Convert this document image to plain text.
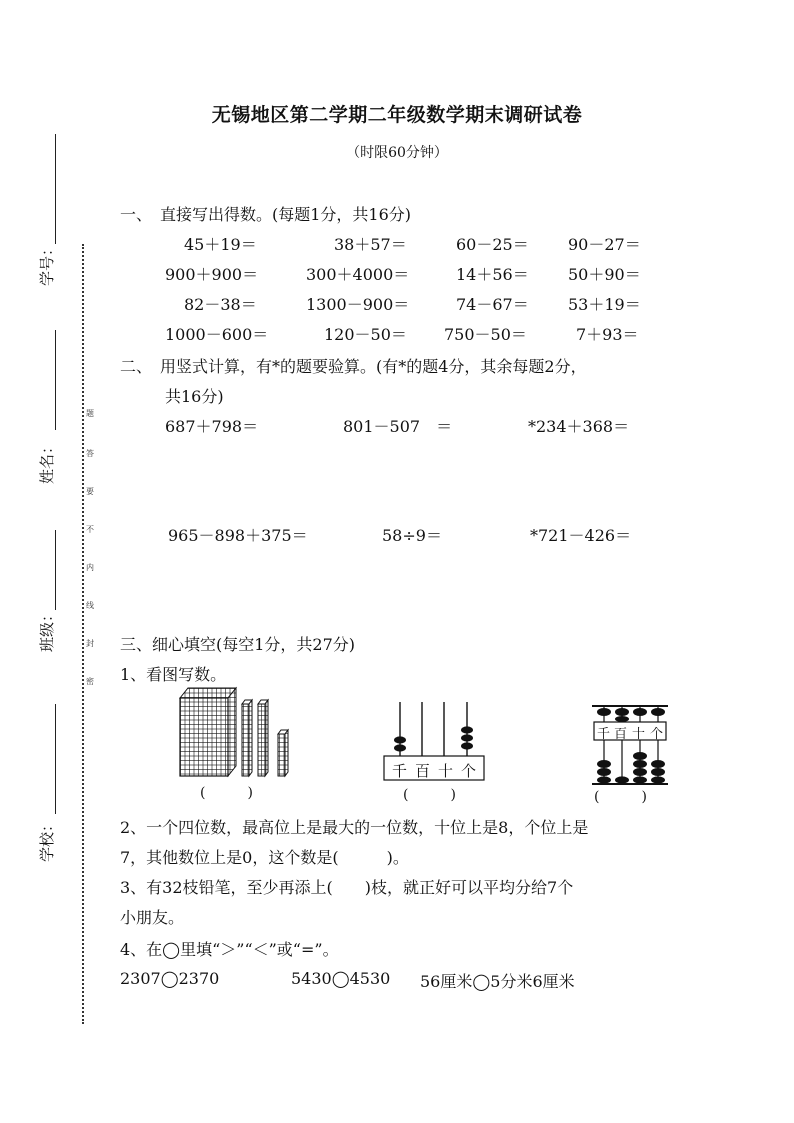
无锡地区第二学期二年级数学期末调研试卷
（时限60分钟）
学号：
姓名：
班级：
学校：
题
答
要
不
内
线
封
密
一、　直接写出得数。(每题1分，共16分)
45＋19＝	38＋57＝	60－25＝ 90－27＝
900＋900＝	300＋4000＝	14＋56＝ 50＋90＝
82－38＝	1300－900＝	74－67＝ 53＋19＝
1000－600＝	120－50＝ 750－50＝	7＋93＝
二、　用竖式计算，有*的题要验算。(有*的题4分，其余每题2分，
共16分)
687＋798＝	801－507　＝	*234＋368＝
965－898＋375＝	58÷9＝	*721－426＝
三、细心填空(每空1分，共27分)
1、看图写数。
(　　　)
千 百 十 个
(　　　)
千 百 十 个
(　　　)
2、一个四位数，最高位上是最大的一位数，十位上是8，个位上是
7，其他数位上是0，这个数是(　　　)。
3、有32枝铅笔，至少再添上(　　)枝，就正好可以平均分给7个
小朋友。
4、在◯里填“＞”“＜”或“=”。
2307◯2370	5430◯4530 56厘米◯5分米6厘米
